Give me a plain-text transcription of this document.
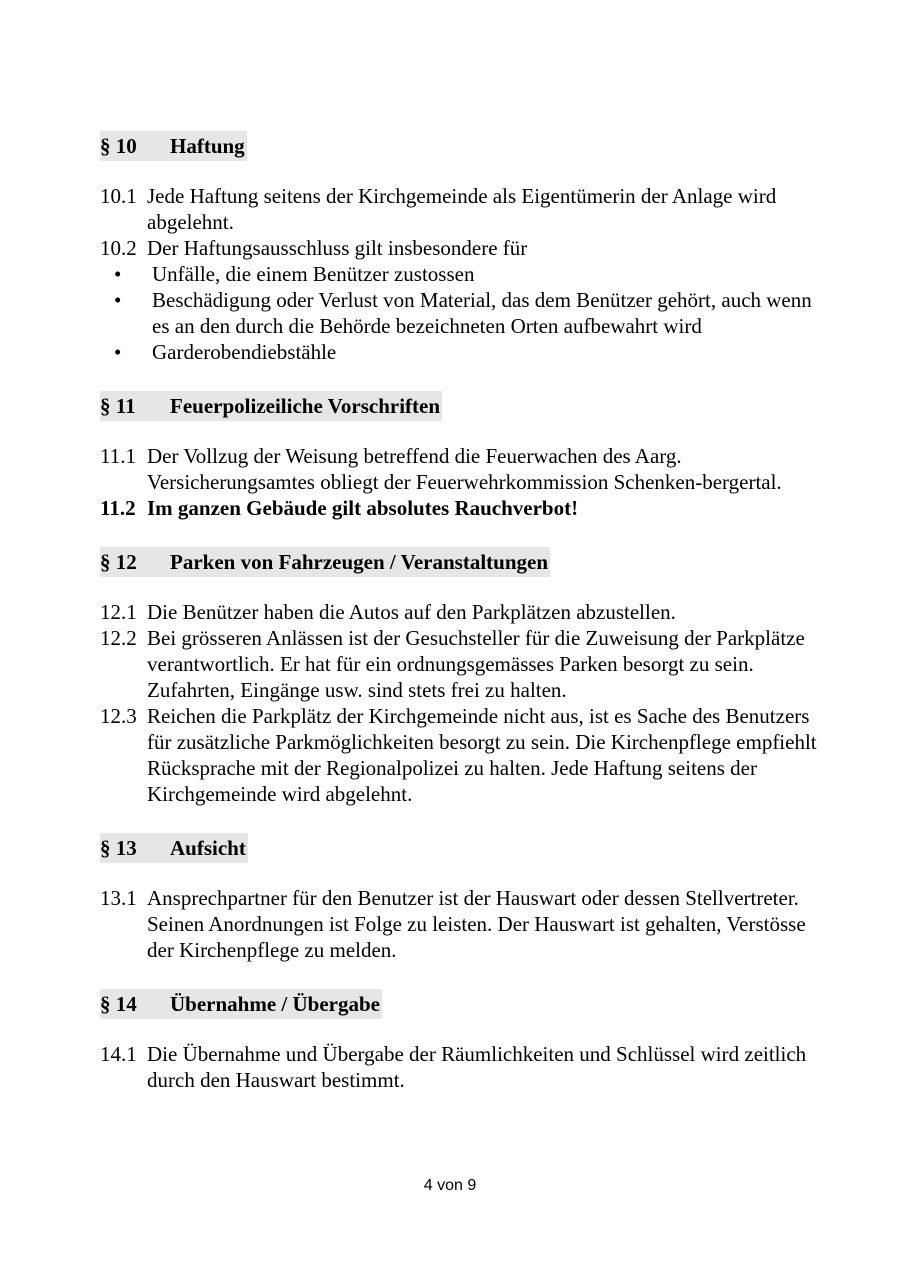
§ 10 Haftung
10.1 Jede Haftung seitens der Kirchgemeinde als Eigentümerin der Anlage wird abgelehnt.
10.2 Der Haftungsausschluss gilt insbesondere für
• Unfälle, die einem Benützer zustossen
• Beschädigung oder Verlust von Material, das dem Benützer gehört, auch wenn es an den durch die Behörde bezeichneten Orten aufbewahrt wird
• Garderobendiebstähle
§ 11 Feuerpolizeiliche Vorschriften
11.1 Der Vollzug der Weisung betreffend die Feuerwachen des Aarg. Versicherungsamtes obliegt der Feuerwehrkommission Schenken-bergertal.
11.2 Im ganzen Gebäude gilt absolutes Rauchverbot!
§ 12 Parken von Fahrzeugen / Veranstaltungen
12.1 Die Benützer haben die Autos auf den Parkplätzen abzustellen.
12.2 Bei grösseren Anlässen ist der Gesuchsteller für die Zuweisung der Parkplätze verantwortlich. Er hat für ein ordnungsgemässes Parken besorgt zu sein. Zufahrten, Eingänge usw. sind stets frei zu halten.
12.3 Reichen die Parkplätz der Kirchgemeinde nicht aus, ist es Sache des Benutzers für zusätzliche Parkmöglichkeiten besorgt zu sein. Die Kirchenpflege empfiehlt Rücksprache mit der Regionalpolizei zu halten. Jede Haftung seitens der Kirchgemeinde wird abgelehnt.
§ 13 Aufsicht
13.1 Ansprechpartner für den Benutzer ist der Hauswart oder dessen Stellvertreter. Seinen Anordnungen ist Folge zu leisten. Der Hauswart ist gehalten, Verstösse der Kirchenpflege zu melden.
§ 14 Übernahme / Übergabe
14.1 Die Übernahme und Übergabe der Räumlichkeiten und Schlüssel wird zeitlich durch den Hauswart bestimmt.
4 von 9
